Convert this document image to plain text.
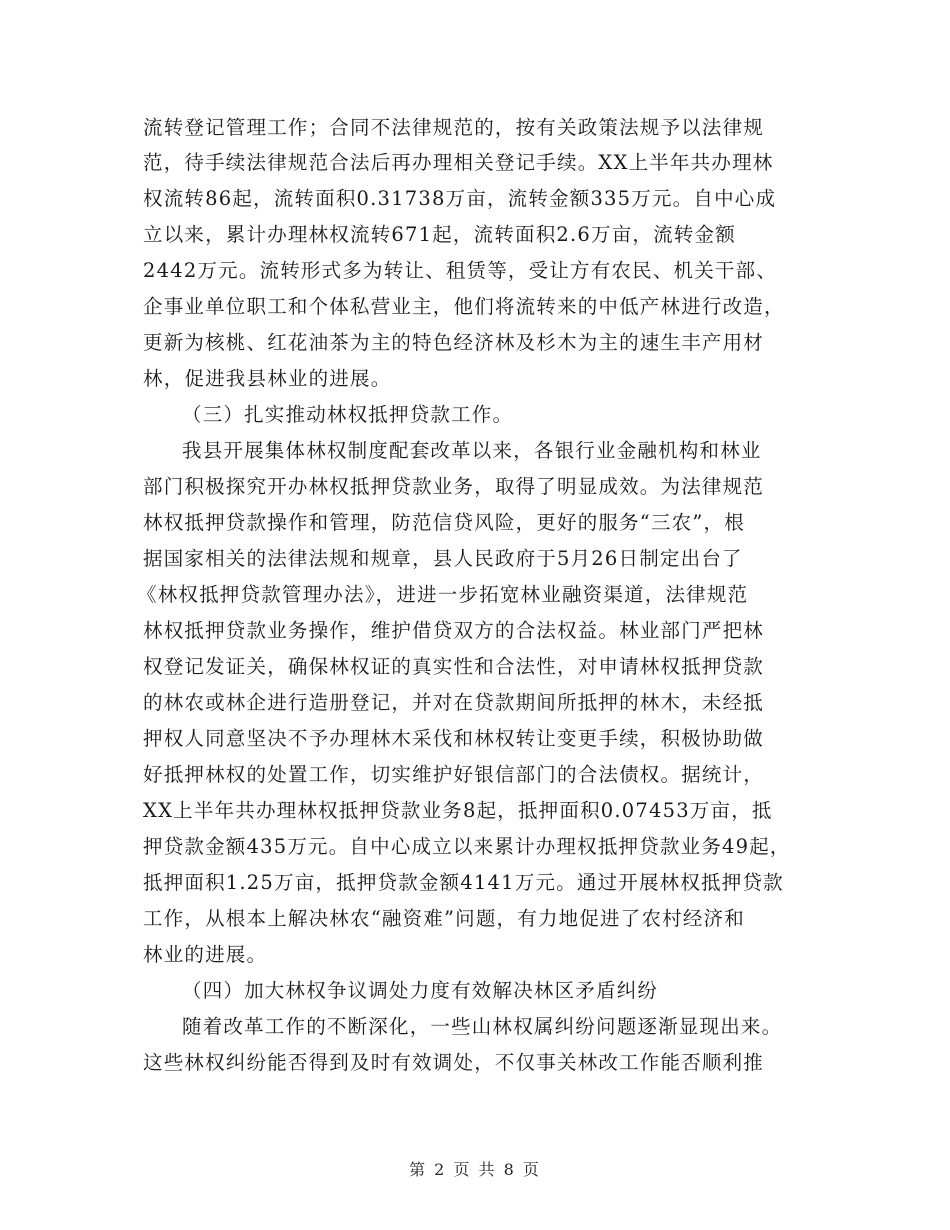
流转登记管理工作；合同不法律规范的，按有关政策法规予以法律规
范，待手续法律规范合法后再办理相关登记手续。XX上半年共办理林
权流转86起，流转面积0.31738万亩，流转金额335万元。自中心成
立以来，累计办理林权流转671起，流转面积2.6万亩，流转金额
2442万元。流转形式多为转让、租赁等，受让方有农民、机关干部、
企事业单位职工和个体私营业主，他们将流转来的中低产林进行改造，
更新为核桃、红花油茶为主的特色经济林及杉木为主的速生丰产用材
林，促进我县林业的进展。
（三）扎实推动林权抵押贷款工作。
我县开展集体林权制度配套改革以来，各银行业金融机构和林业
部门积极探究开办林权抵押贷款业务，取得了明显成效。为法律规范
林权抵押贷款操作和管理，防范信贷风险，更好的服务“三农”，根
据国家相关的法律法规和规章，县人民政府于5月26日制定出台了
《林权抵押贷款管理办法》，进进一步拓宽林业融资渠道，法律规范
林权抵押贷款业务操作，维护借贷双方的合法权益。林业部门严把林
权登记发证关，确保林权证的真实性和合法性，对申请林权抵押贷款
的林农或林企进行造册登记，并对在贷款期间所抵押的林木，未经抵
押权人同意坚决不予办理林木采伐和林权转让变更手续，积极协助做
好抵押林权的处置工作，切实维护好银信部门的合法债权。据统计，
XX上半年共办理林权抵押贷款业务8起，抵押面积0.07453万亩，抵
押贷款金额435万元。自中心成立以来累计办理权抵押贷款业务49起，
抵押面积1.25万亩，抵押贷款金额4141万元。通过开展林权抵押贷款
工作，从根本上解决林农“融资难”问题，有力地促进了农村经济和
林业的进展。
（四）加大林权争议调处力度有效解决林区矛盾纠纷
随着改革工作的不断深化，一些山林权属纠纷问题逐渐显现出来。
这些林权纠纷能否得到及时有效调处，不仅事关林改工作能否顺利推
第 2 页 共 8 页
